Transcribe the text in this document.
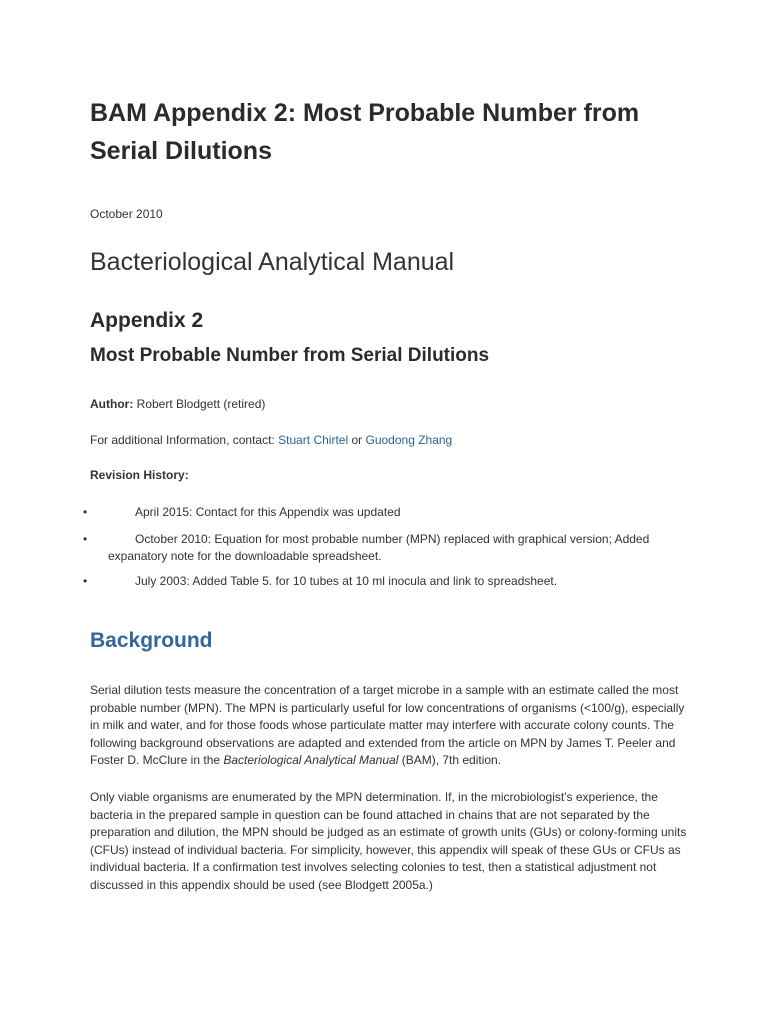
BAM Appendix 2: Most Probable Number from Serial Dilutions
October 2010
Bacteriological Analytical Manual
Appendix 2
Most Probable Number from Serial Dilutions

Author: Robert Blodgett (retired)

For additional Information, contact: Stuart Chirtel or Guodong Zhang

Revision History:

•	April 2015: Contact for this Appendix was updated
•	October 2010: Equation for most probable number (MPN) replaced with graphical version; Added expanatory note for the downloadable spreadsheet.
•	July 2003: Added Table 5. for 10 tubes at 10 ml inocula and link to spreadsheet.
Background

Serial dilution tests measure the concentration of a target microbe in a sample with an estimate called the most probable number (MPN). The MPN is particularly useful for low concentrations of organisms (<100/g), especially in milk and water, and for those foods whose particulate matter may interfere with accurate colony counts. The following background observations are adapted and extended from the article on MPN by James T. Peeler and Foster D. McClure in the Bacteriological Analytical Manual (BAM), 7th edition.

Only viable organisms are enumerated by the MPN determination. If, in the microbiologist's experience, the bacteria in the prepared sample in question can be found attached in chains that are not separated by the preparation and dilution, the MPN should be judged as an estimate of growth units (GUs) or colony-forming units (CFUs) instead of individual bacteria. For simplicity, however, this appendix will speak of these GUs or CFUs as individual bacteria. If a confirmation test involves selecting colonies to test, then a statistical adjustment not discussed in this appendix should be used (see Blodgett 2005a.)
